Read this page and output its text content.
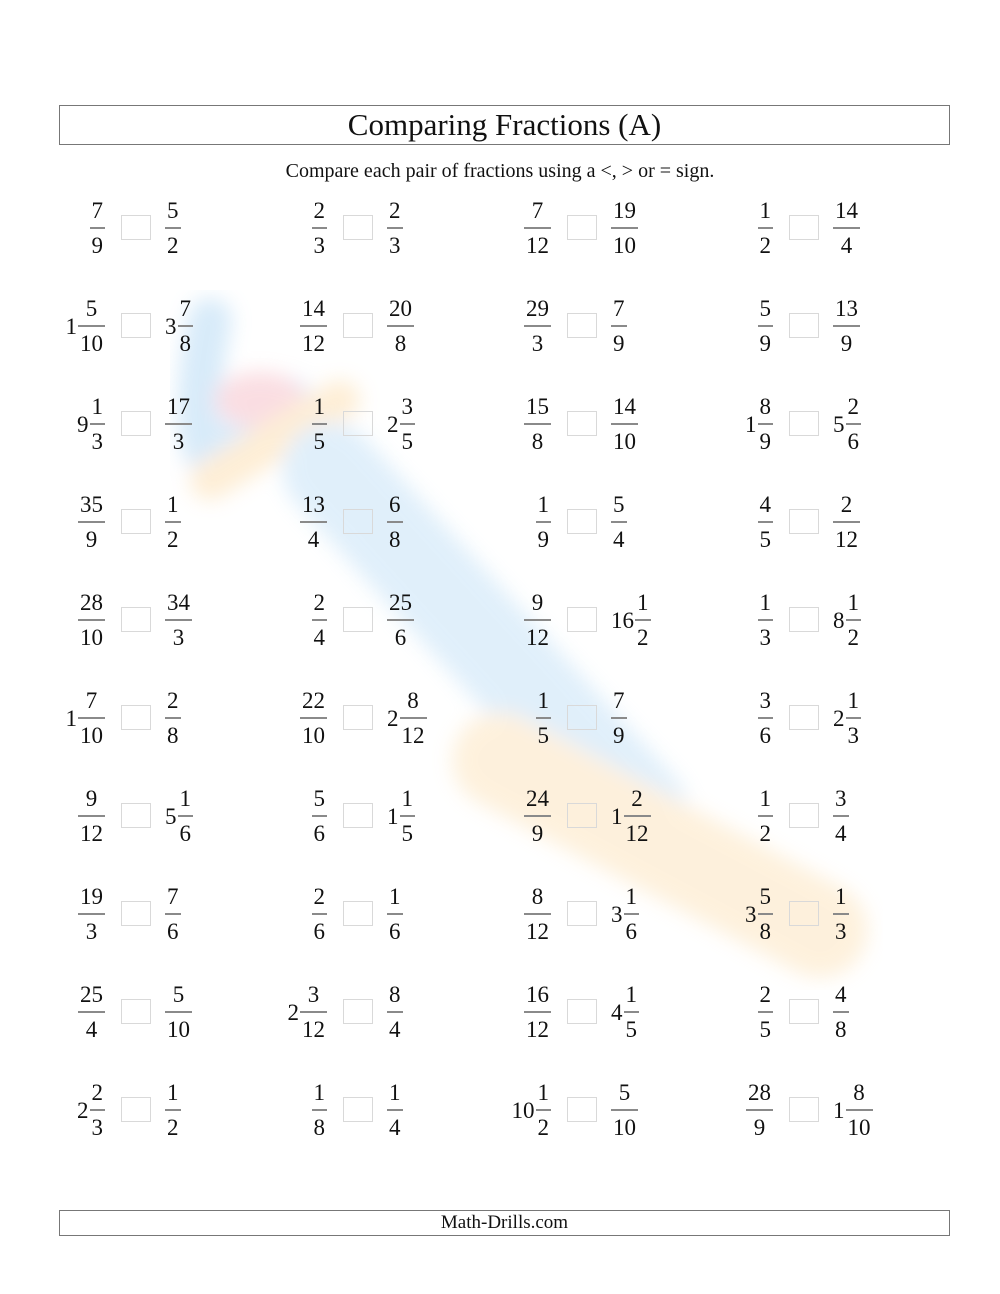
Comparing Fractions (A)
Compare each pair of fractions using a <, > or = sign.
$\frac{7}{9}$	$\frac{5}{2}$	$\frac{2}{3}$	$\frac{2}{3}$	$\frac{7}{12}$	$\frac{19}{10}$	$\frac{1}{2}$	$\frac{14}{4}$
$1 \frac{5}{10}$	$3 \frac{7}{8}$	$\frac{14}{12}$	$\frac{20}{8}$	$\frac{29}{3}$	$\frac{7}{9}$	$\frac{5}{9}$	$\frac{13}{9}$
$9 \frac{1}{3}$	$\frac{17}{3}$	$\frac{1}{5}$	$2 \frac{3}{5}$	$\frac{15}{8}$	$\frac{14}{10}$	$1 \frac{8}{9}$	$5 \frac{2}{6}$
$\frac{35}{9}$	$\frac{1}{2}$	$\frac{13}{4}$	$\frac{6}{8}$	$\frac{1}{9}$	$\frac{5}{4}$	$\frac{4}{5}$	$\frac{2}{12}$
$\frac{28}{10}$	$\frac{34}{3}$	$\frac{2}{4}$	$\frac{25}{6}$	$\frac{9}{12}$	$16 \frac{1}{2}$	$\frac{1}{3}$	$8 \frac{1}{2}$
$1 \frac{7}{10}$	$\frac{2}{8}$	$\frac{22}{10}$	$2 \frac{8}{12}$	$\frac{1}{5}$	$\frac{7}{9}$	$\frac{3}{6}$	$2 \frac{1}{3}$
$\frac{9}{12}$	$5 \frac{1}{6}$	$\frac{5}{6}$	$1 \frac{1}{5}$	$\frac{24}{9}$	$1 \frac{2}{12}$	$\frac{1}{2}$	$\frac{3}{4}$
$\frac{19}{3}$	$\frac{7}{6}$	$\frac{2}{6}$	$\frac{1}{6}$	$\frac{8}{12}$	$3 \frac{1}{6}$	$3 \frac{5}{8}$	$\frac{1}{3}$
$\frac{25}{4}$	$\frac{5}{10}$	$2 \frac{3}{12}$	$\frac{8}{4}$	$\frac{16}{12}$	$4 \frac{1}{5}$	$\frac{2}{5}$	$\frac{4}{8}$
$2 \frac{2}{3}$	$\frac{1}{2}$	$\frac{1}{8}$	$\frac{1}{4}$	$10 \frac{1}{2}$	$\frac{5}{10}$	$\frac{28}{9}$	$1 \frac{8}{10}$
Math-Drills.com
